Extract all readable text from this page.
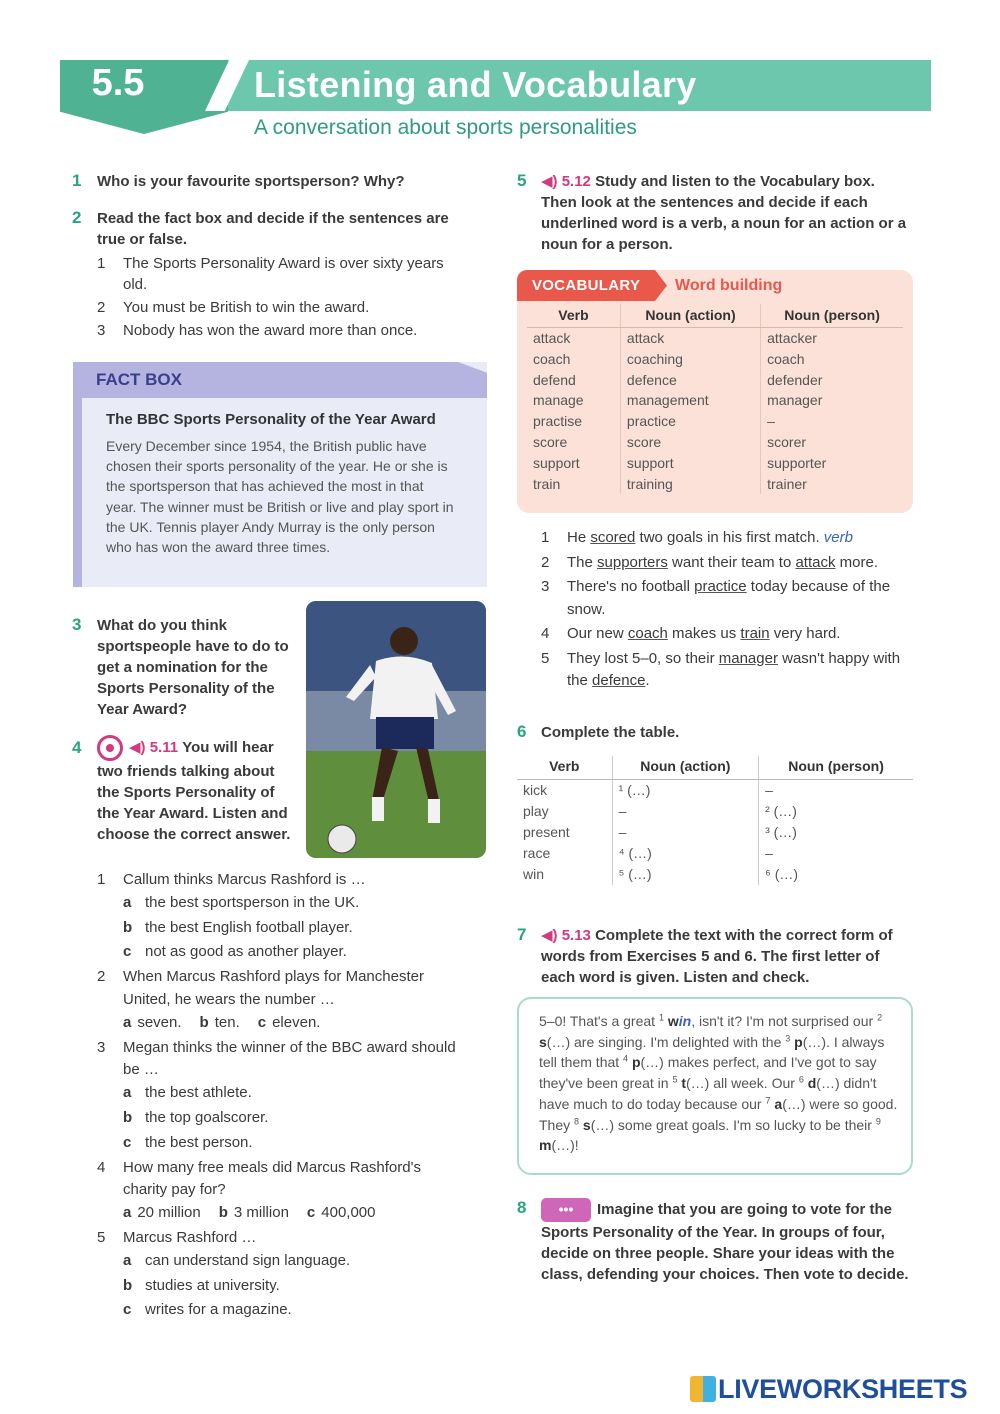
5.5	Listening and Vocabulary
A conversation about sports personalities
1 Who is your favourite sportsperson? Why?
2 Read the fact box and decide if the sentences are true or false.
1 The Sports Personality Award is over sixty years old.
2 You must be British to win the award.
3 Nobody has won the award more than once.
FACT BOX
The BBC Sports Personality of the Year Award
Every December since 1954, the British public have chosen their sports personality of the year. He or she is the sportsperson that has achieved the most in that year. The winner must be British or live and play sport in the UK. Tennis player Andy Murray is the only person who has won the award three times.
3 What do you think sportspeople have to do to get a nomination for the Sports Personality of the Year Award?
4	◀) 5.11 You will hear two friends talking about the Sports Personality of the Year Award. Listen and choose the correct answer.
1 Callum thinks Marcus Rashford is …
a the best sportsperson in the UK.
b the best English football player.
c not as good as another player.
2 When Marcus Rashford plays for Manchester United, he wears the number …
a seven. b ten. c eleven.
3 Megan thinks the winner of the BBC award should be …
a the best athlete.
b the top goalscorer.
c the best person.
4 How many free meals did Marcus Rashford's charity pay for?
a 20 million b 3 million c 400,000
5 Marcus Rashford …
a can understand sign language.
b studies at university.
c writes for a magazine.
5 ◀) 5.12 Study and listen to the Vocabulary box. Then look at the sentences and decide if each underlined word is a verb, a noun for an action or a noun for a person.
VOCABULARY Word building
Verb	Noun (action)	Noun (person)
attack	attack	attacker
coach	coaching	coach
defend	defence	defender
manage	management	manager
practise	practice	–
score	score	scorer
support	support	supporter
train	training	trainer
1 He scored two goals in his first match. verb
2 The supporters want their team to attack more.
3 There's no football practice today because of the snow.
4 Our new coach makes us train very hard.
5 They lost 5–0, so their manager wasn't happy with the defence.
6 Complete the table.
Verb	Noun (action)	Noun (person)
kick	¹ (…)	–
play	–	² (…)
present	–	³ (…)
race	⁴ (…)	–
win	⁵ (…)	⁶ (…)
7 ◀) 5.13 Complete the text with the correct form of words from Exercises 5 and 6. The first letter of each word is given. Listen and check.
5–0! That's a great $^1$ win, isn't it? I'm not surprised our $^2$ s(…) are singing. I'm delighted with the $^3$ p(…). I always tell them that $^4$ p(…) makes perfect, and I've got to say they've been great in $^5$ t(…) all week. Our $^6$ d(…) didn't have much to do today because our $^7$ a(…) were so good. They $^8$ s(…) some great goals. I'm so lucky to be their $^9$ m(…)!
8	••• Imagine that you are going to vote for the Sports Personality of the Year. In groups of four, decide on three people. Share your ideas with the class, defending your choices. Then vote to decide.
LIVEWORKSHEETS
